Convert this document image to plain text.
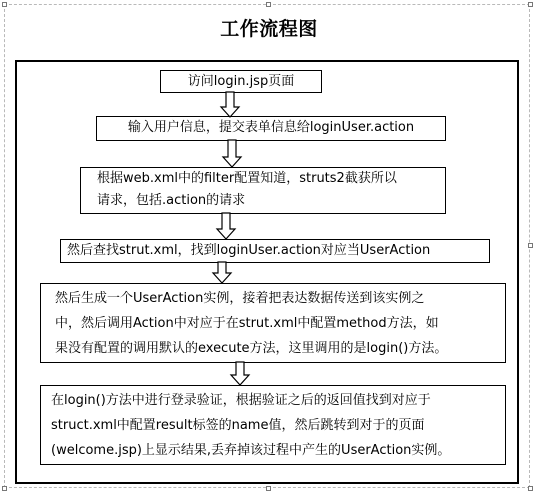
工作流程图
访问login.jsp页面
输入用户信息，提交表单信息给loginUser.action
根据web.xml中的filter配置知道，struts2截获所以
请求，包括.action的请求
然后查找strut.xml，找到loginUser.action对应当UserAction
然后生成一个UserAction实例，接着把表达数据传送到该实例之
中，然后调用Action中对应于在strut.xml中配置method方法，如
果没有配置的调用默认的execute方法，这里调用的是login()方法。
在login()方法中进行登录验证，根据验证之后的返回值找到对应于
struct.xml中配置result标签的name值，然后跳转到对于的页面
(welcome.jsp)上显示结果,丢弃掉该过程中产生的UserAction实例。
